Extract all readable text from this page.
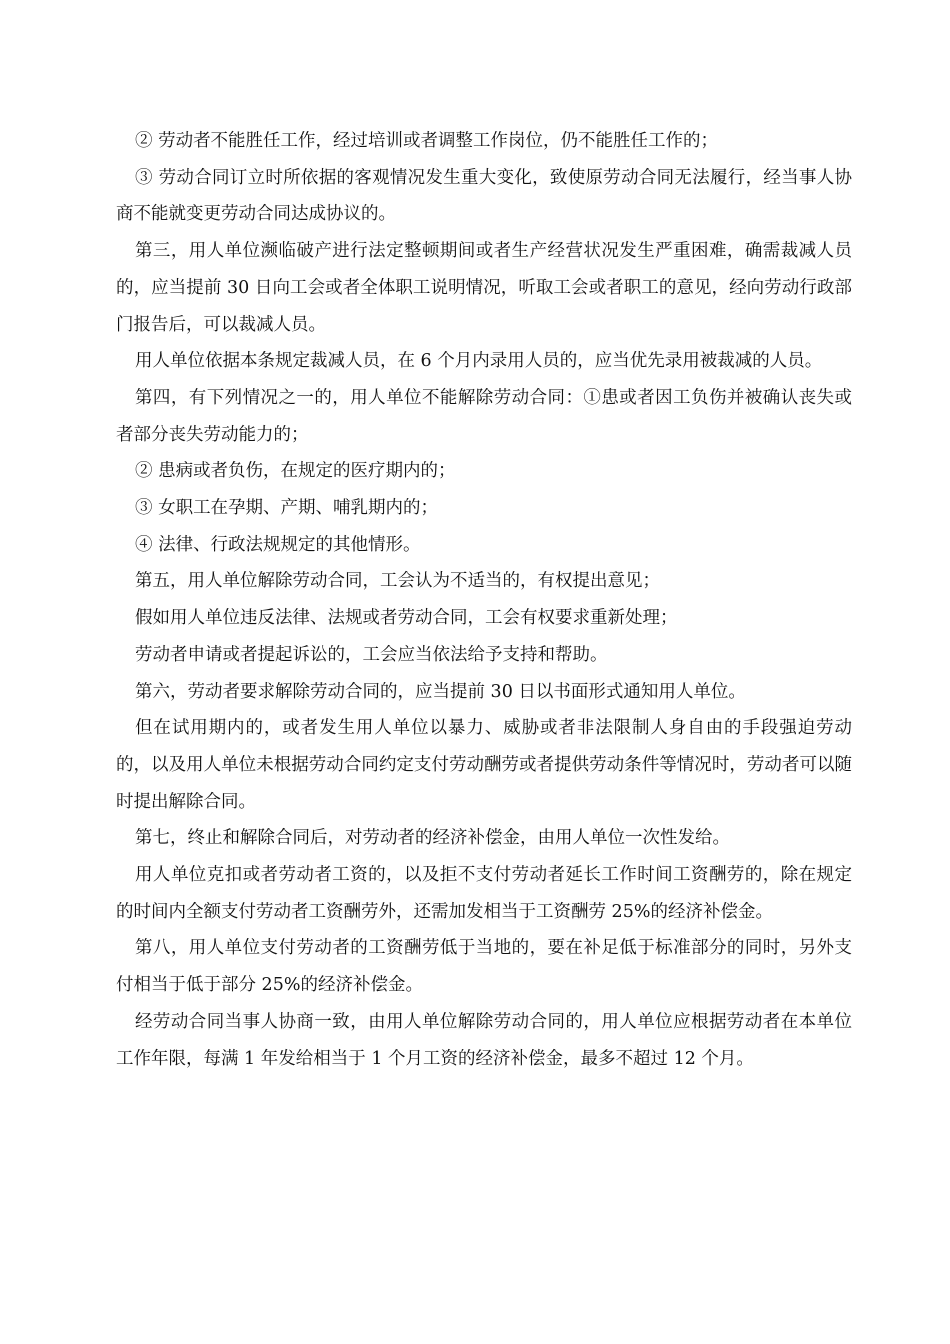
② 劳动者不能胜任工作，经过培训或者调整工作岗位，仍不能胜任工作的；

③ 劳动合同订立时所依据的客观情况发生重大变化，致使原劳动合同无法履行，经当事人协商不能就变更劳动合同达成协议的。

第三，用人单位濒临破产进行法定整顿期间或者生产经营状况发生严重困难，确需裁减人员的，应当提前 30 日向工会或者全体职工说明情况，听取工会或者职工的意见，经向劳动行政部门报告后，可以裁减人员。

用人单位依据本条规定裁减人员，在 6 个月内录用人员的，应当优先录用被裁减的人员。

第四，有下列情况之一的，用人单位不能解除劳动合同：①患或者因工负伤并被确认丧失或者部分丧失劳动能力的；

② 患病或者负伤，在规定的医疗期内的；

③ 女职工在孕期、产期、哺乳期内的；

④ 法律、行政法规规定的其他情形。

第五，用人单位解除劳动合同，工会认为不适当的，有权提出意见；

假如用人单位违反法律、法规或者劳动合同，工会有权要求重新处理；

劳动者申请或者提起诉讼的，工会应当依法给予支持和帮助。

第六，劳动者要求解除劳动合同的，应当提前 30 日以书面形式通知用人单位。

但在试用期内的，或者发生用人单位以暴力、威胁或者非法限制人身自由的手段强迫劳动的，以及用人单位未根据劳动合同约定支付劳动酬劳或者提供劳动条件等情况时，劳动者可以随时提出解除合同。

第七，终止和解除合同后，对劳动者的经济补偿金，由用人单位一次性发给。

用人单位克扣或者劳动者工资的，以及拒不支付劳动者延长工作时间工资酬劳的，除在规定的时间内全额支付劳动者工资酬劳外，还需加发相当于工资酬劳 25%的经济补偿金。

第八，用人单位支付劳动者的工资酬劳低于当地的，要在补足低于标准部分的同时，另外支付相当于低于部分 25%的经济补偿金。

经劳动合同当事人协商一致，由用人单位解除劳动合同的，用人单位应根据劳动者在本单位工作年限，每满 1 年发给相当于 1 个月工资的经济补偿金，最多不超过 12 个月。
